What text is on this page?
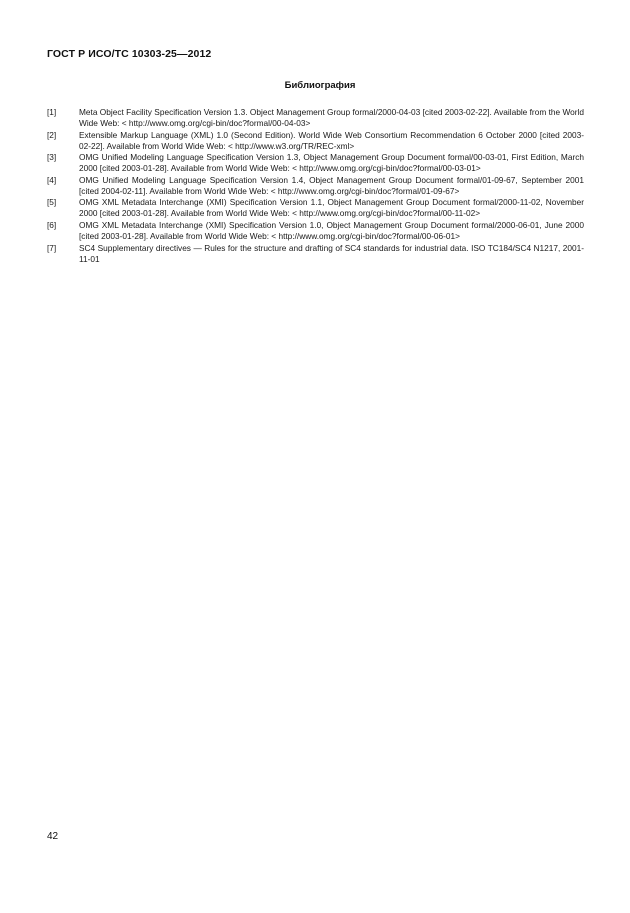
ГОСТ Р ИСО/ТС 10303-25—2012
Библиография
[1]	Meta Object Facility Specification Version 1.3. Object Management Group formal/2000-04-03 [cited 2003-02-22]. Available from the World Wide Web: < http://www.omg.org/cgi-bin/doc?formal/00-04-03>
[2]	Extensible Markup Language (XML) 1.0 (Second Edition). World Wide Web Consortium Recommendation 6 October 2000 [cited 2003-02-22]. Available from World Wide Web: < http://www.w3.org/TR/REC-xml>
[3]	OMG Unified Modeling Language Specification Version 1.3, Object Management Group Document formal/00-03-01, First Edition, March 2000 [cited 2003-01-28]. Available from World Wide Web: < http://www.omg.org/cgi-bin/doc?formal/00-03-01>
[4]	OMG Unified Modeling Language Specification Version 1.4, Object Management Group Document formal/01-09-67, September 2001 [cited 2004-02-11]. Available from World Wide Web: < http://www.omg.org/cgi-bin/doc?formal/01-09-67>
[5]	OMG XML Metadata Interchange (XMI) Specification Version 1.1, Object Management Group Document formal/2000-11-02, November 2000 [cited 2003-01-28]. Available from World Wide Web: < http://www.omg.org/cgi-bin/doc?formal/00-11-02>
[6]	OMG XML Metadata Interchange (XMI) Specification Version 1.0, Object Management Group Document formal/2000-06-01, June 2000 [cited 2003-01-28]. Available from World Wide Web: < http://www.omg.org/cgi-bin/doc?formal/00-06-01>
[7]	SC4 Supplementary directives — Rules for the structure and drafting of SC4 standards for industrial data. ISO TC184/SC4 N1217, 2001-11-01
42
